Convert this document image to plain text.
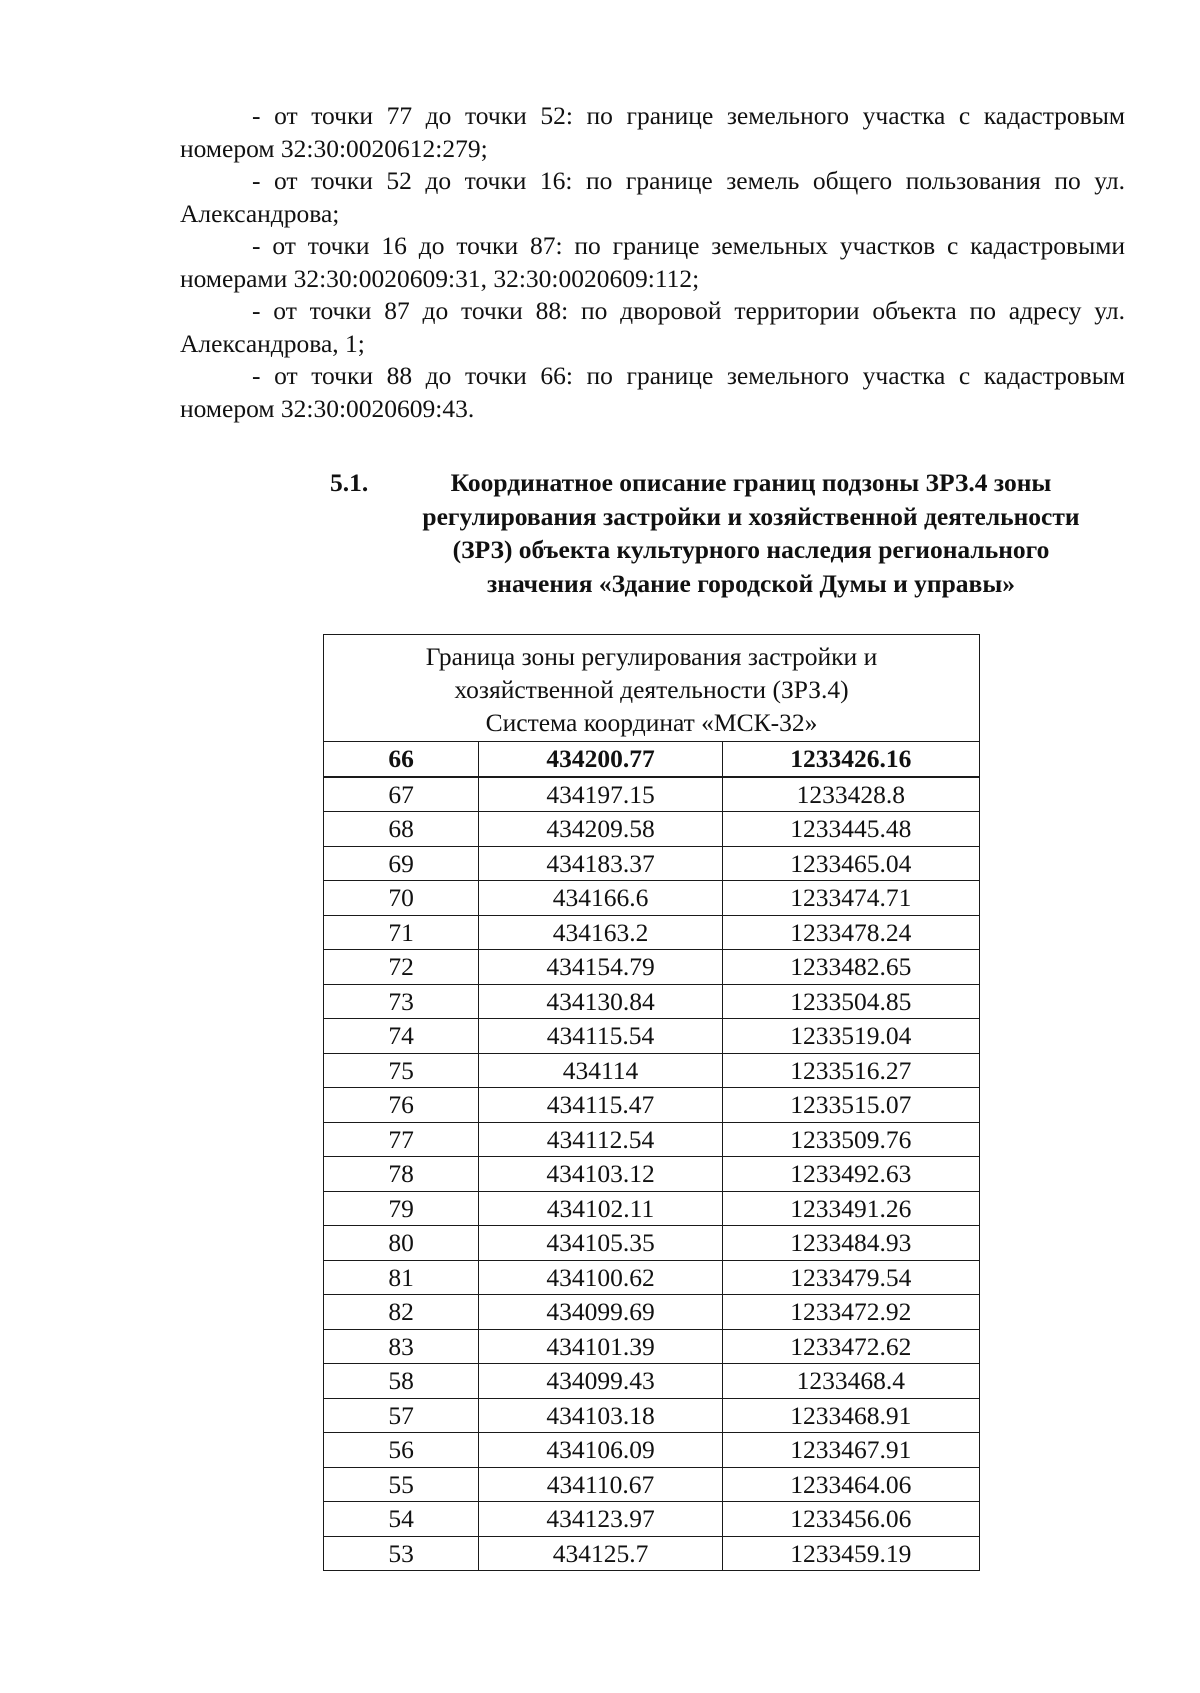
- от точки 77 до точки 52: по границе земельного участка с кадастровым номером 32:30:0020612:279;

- от точки 52 до точки 16: по границе земель общего пользования по ул. Александрова;

- от точки 16 до точки 87: по границе земельных участков с кадастровыми номерами 32:30:0020609:31, 32:30:0020609:112;

- от точки 87 до точки 88: по дворовой территории объекта по адресу ул. Александрова, 1;

- от точки 88 до точки 66: по границе земельного участка с кадастровым номером 32:30:0020609:43.

5.1.	Координатное описание границ подзоны ЗРЗ.4 зоны
регулирования застройки и хозяйственной деятельности
(ЗРЗ) объекта культурного наследия регионального
значения «Здание городской Думы и управы»
Граница зоны регулирования застройки и
хозяйственной деятельности (ЗРЗ.4)
Система координат «МСК-32»		

66	434200.77	1233426.16
67	434197.15	1233428.8
68	434209.58	1233445.48
69	434183.37	1233465.04
70	434166.6	1233474.71
71	434163.2	1233478.24
72	434154.79	1233482.65
73	434130.84	1233504.85
74	434115.54	1233519.04
75	434114	1233516.27
76	434115.47	1233515.07
77	434112.54	1233509.76
78	434103.12	1233492.63
79	434102.11	1233491.26
80	434105.35	1233484.93
81	434100.62	1233479.54
82	434099.69	1233472.92
83	434101.39	1233472.62
58	434099.43	1233468.4
57	434103.18	1233468.91
56	434106.09	1233467.91
55	434110.67	1233464.06
54	434123.97	1233456.06
53	434125.7	1233459.19
